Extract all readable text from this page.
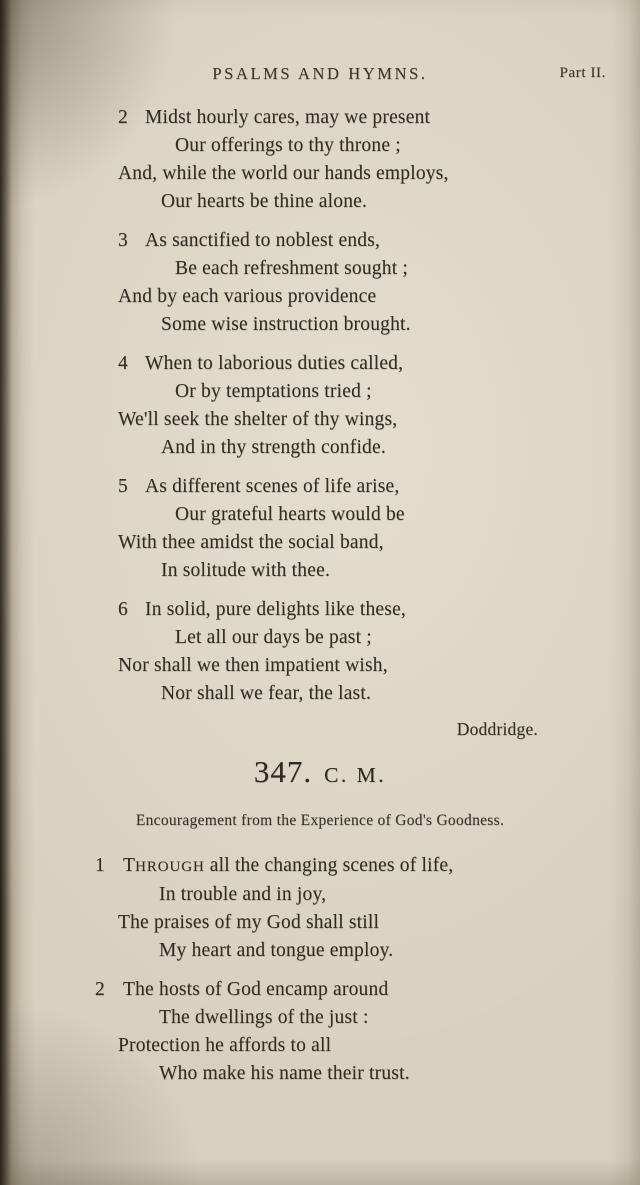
PSALMS AND HYMNS.	Part II.
2 Midst hourly cares, may we present
Our offerings to thy throne ;
And, while the world our hands employs,
Our hearts be thine alone.
3 As sanctified to noblest ends,
Be each refreshment sought ;
And by each various providence
Some wise instruction brought.
4 When to laborious duties called,
Or by temptations tried ;
We'll seek the shelter of thy wings,
And in thy strength confide.
5 As different scenes of life arise,
Our grateful hearts would be
With thee amidst the social band,
In solitude with thee.
6 In solid, pure delights like these,
Let all our days be past ;
Nor shall we then impatient wish,
Nor shall we fear, the last.
Doddridge.
347. C. M.
Encouragement from the Experience of God's Goodness.
1 THROUGH all the changing scenes of life,
In trouble and in joy,
The praises of my God shall still
My heart and tongue employ.
2 The hosts of God encamp around
The dwellings of the just :
Protection he affords to all
Who make his name their trust.
